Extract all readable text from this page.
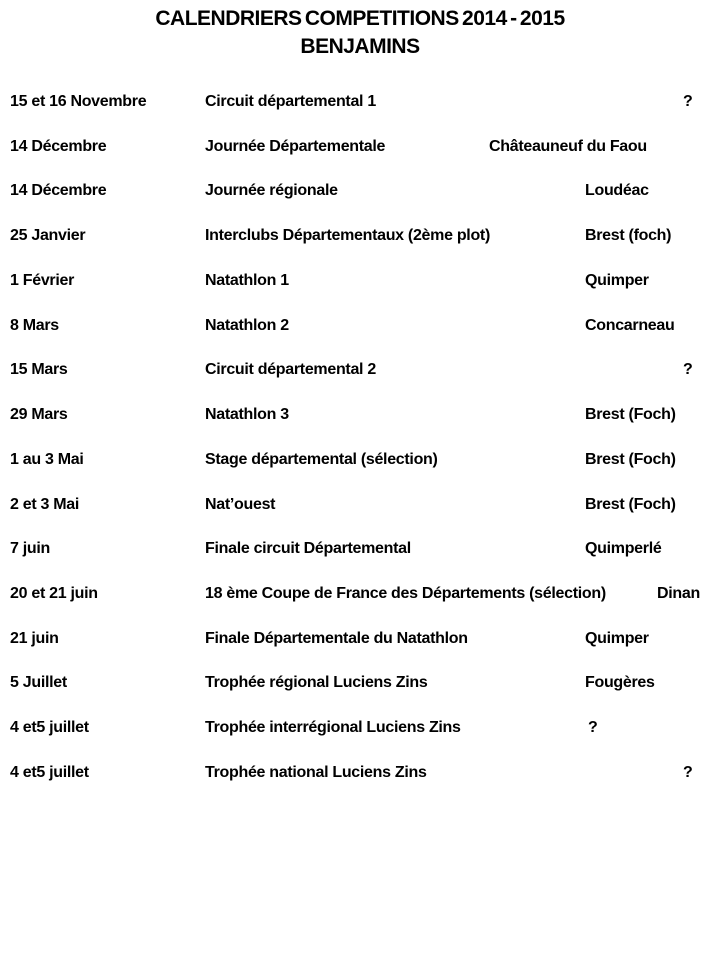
CALENDRIERS COMPETITIONS 2014 - 2015
BENJAMINS
15 et 16 Novembre	Circuit départemental 1	?
14 Décembre	Journée Départementale	Châteauneuf du Faou
14 Décembre	Journée régionale	Loudéac
25 Janvier	Interclubs Départementaux (2ème plot)	Brest (foch)
1 Février	Natathlon 1	Quimper
8 Mars	Natathlon 2	Concarneau
15 Mars	Circuit départemental 2	?
29 Mars	Natathlon 3	Brest (Foch)
1 au 3 Mai	Stage départemental (sélection)	Brest (Foch)
2 et 3 Mai	Nat’ouest	Brest (Foch)
7 juin	Finale circuit Départemental	Quimperlé
20 et 21 juin	18 ème Coupe de France des Départements (sélection)	Dinan
21 juin	Finale Départementale du Natathlon	Quimper
5 Juillet	Trophée régional Luciens Zins	Fougères
4 et5 juillet	Trophée interrégional Luciens Zins	?
4 et5 juillet	Trophée national Luciens Zins	?
